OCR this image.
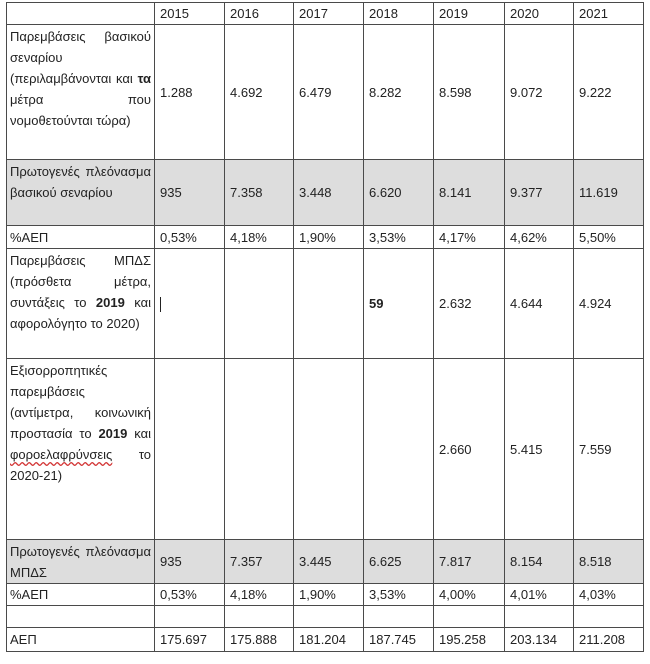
	2015	2016	2017	2018	2019	2020	2021
Παρεμβάσεις βασικού σεναρίου (περιλαμβάνονται και τα μέτρα που νομοθετούνται τώρα)	1.288	4.692	6.479	8.282	8.598	9.072	9.222
Πρωτογενές πλεόνασμα βασικού σεναρίου	935	7.358	3.448	6.620	8.141	9.377	11.619
%ΑΕΠ	0,53%	4,18%	1,90%	3,53%	4,17%	4,62%	5,50%
Παρεμβάσεις ΜΠΔΣ (πρόσθετα μέτρα, συντάξεις το 2019 και αφορολόγητο το 2020)				59	2.632	4.644	4.924
Εξισορροπητικές παρεμβάσεις (αντίμετρα, κοινωνική προστασία το 2019 και φοροελαφρύνσεις το 2020-21)					2.660	5.415	7.559
Πρωτογενές πλεόνασμα ΜΠΔΣ	935	7.357	3.445	6.625	7.817	8.154	8.518
%ΑΕΠ	0,53%	4,18%	1,90%	3,53%	4,00%	4,01%	4,03%

ΑΕΠ	175.697	175.888	181.204	187.745	195.258	203.134	211.208
